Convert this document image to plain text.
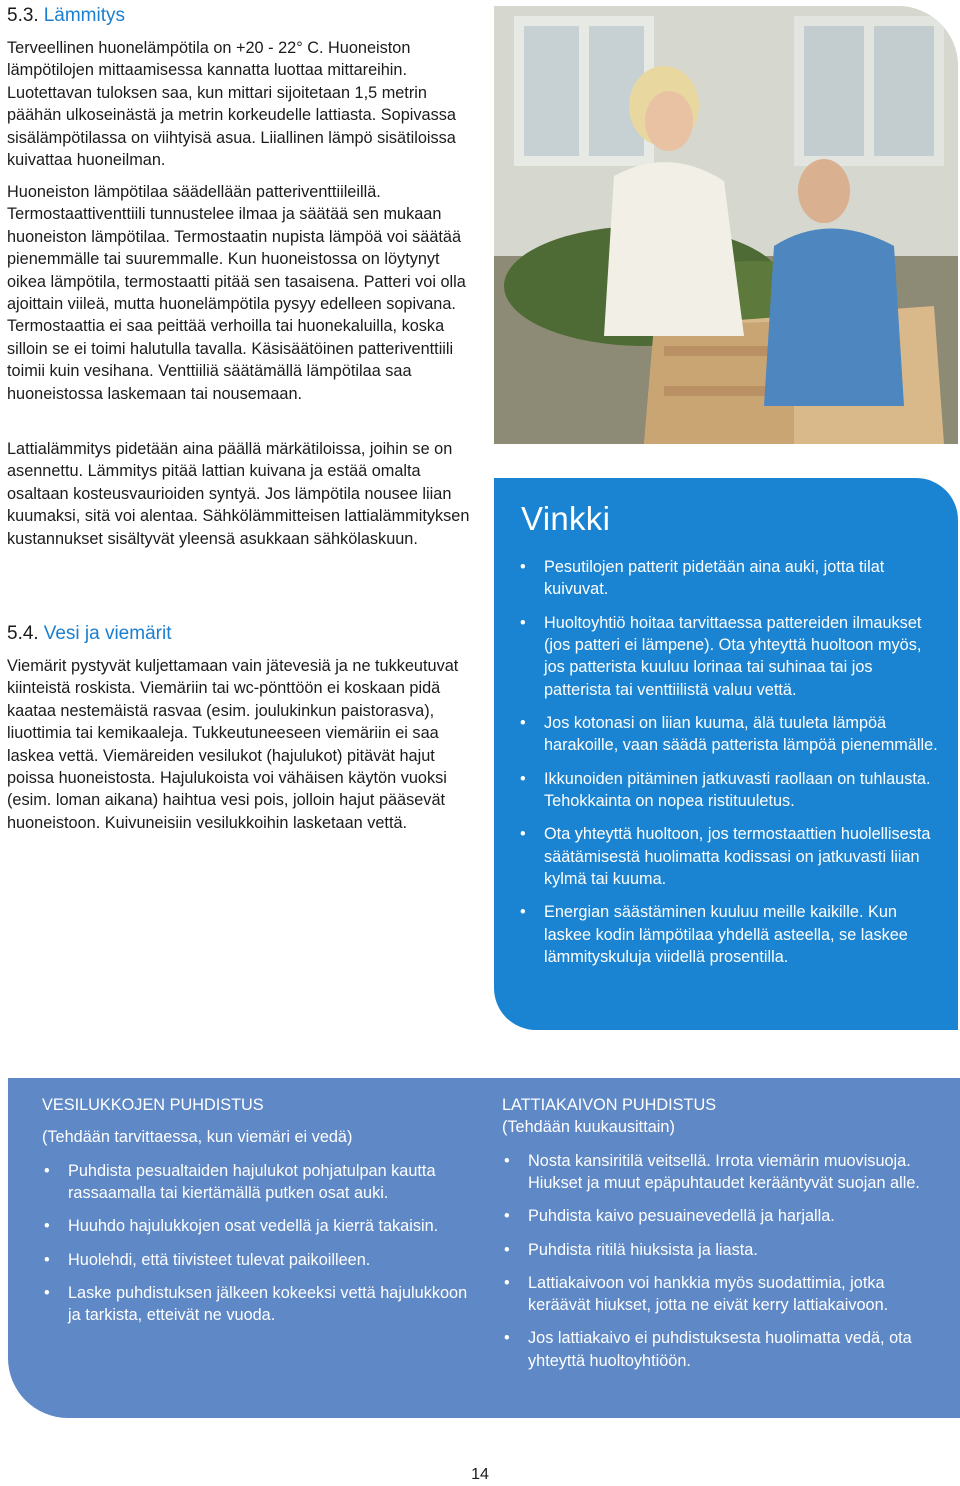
5.3. Lämmitys

Terveellinen huonelämpötila on +20 - 22° C. Huoneiston lämpötilojen mittaamisessa kannatta luottaa mittareihin. Luotettavan tuloksen saa, kun mittari sijoitetaan 1,5 metrin päähän ulkoseinästä ja metrin korkeudelle lattiasta. Sopivassa sisälämpötilassa on viihtyisä asua. Liiallinen lämpö sisätiloissa kuivattaa huoneilman.

Huoneiston lämpötilaa säädellään patteriventtiileillä. Termostaattiventtiili tunnustelee ilmaa ja säätää sen mukaan huoneiston lämpötilaa. Termostaatin nupista lämpöä voi säätää pienemmälle tai suuremmalle. Kun huoneistossa on löytynyt oikea lämpötila, termostaatti pitää sen tasaisena. Patteri voi olla ajoittain viileä, mutta huonelämpötila pysyy edelleen sopivana. Termostaattia ei saa peittää verhoilla tai huonekaluilla, koska silloin se ei toimi halutulla tavalla. Käsisäätöinen patteriventtiili toimii kuin vesihana. Venttiiliä säätämällä lämpötilaa saa huoneistossa laskemaan tai nousemaan.

Lattialämmitys pidetään aina päällä märkätiloissa, joihin se on asennettu. Lämmitys pitää lattian kuivana ja estää omalta osaltaan kosteusvaurioiden syntyä. Jos lämpötila nousee liian kuumaksi, sitä voi alentaa. Sähkölämmitteisen lattialämmityksen kustannukset sisältyvät yleensä asukkaan sähkölaskuun.

5.4. Vesi ja viemärit

Viemärit pystyvät kuljettamaan vain jätevesiä ja ne tukkeutuvat kiinteistä roskista. Viemäriin tai wc-pönttöön ei koskaan pidä kaataa nestemäistä rasvaa (esim. joulukinkun paistorasva), liuottimia tai kemikaaleja. Tukkeutuneeseen viemäriin ei saa laskea vettä. Viemäreiden vesilukot (hajulukot) pitävät hajut poissa huoneistosta. Hajulukoista voi vähäisen käytön vuoksi (esim. loman aikana) haihtua vesi pois, jolloin hajut pääsevät huoneistoon. Kuivuneisiin vesilukkoihin lasketaan vettä.

Vinkki
• Pesutilojen patterit pidetään aina auki, jotta tilat kuivuvat.
• Huoltoyhtiö hoitaa tarvittaessa pattereiden ilmaukset (jos patteri ei lämpene). Ota yhteyttä huoltoon myös, jos patterista kuuluu lorinaa tai suhinaa tai jos patterista tai venttiilistä valuu vettä.
• Jos kotonasi on liian kuuma, älä tuuleta lämpöä harakoille, vaan säädä patterista lämpöä pienemmälle.
• Ikkunoiden pitäminen jatkuvasti raollaan on tuhlausta. Tehokkainta on nopea ristituuletus.
• Ota yhteyttä huoltoon, jos termostaattien huolellisesta säätämisestä huolimatta kodissasi on jatkuvasti liian kylmä tai kuuma.
• Energian säästäminen kuuluu meille kaikille. Kun laskee kodin lämpötilaa yhdellä asteella, se laskee lämmityskuluja viidellä prosentilla.

VESILUKKOJEN PUHDISTUS

(Tehdään tarvittaessa, kun viemäri ei vedä)

• Puhdista pesualtaiden hajulukot pohjatulpan kautta rassaamalla tai kiertämällä putken osat auki.
• Huuhdo hajulukkojen osat vedellä ja kierrä takaisin.
• Huolehdi, että tiivisteet tulevat paikoilleen.
• Laske puhdistuksen jälkeen kokeeksi vettä hajulukkoon ja tarkista, etteivät ne vuoda.

LATTIAKAIVON PUHDISTUS

(Tehdään kuukausittain)

• Nosta kansiritilä veitsellä. Irrota viemärin muovisuoja. Hiukset ja muut epäpuhtaudet kerääntyvät suojan alle.
• Puhdista kaivo pesuainevedellä ja harjalla.
• Puhdista ritilä hiuksista ja liasta.
• Lattiakaivoon voi hankkia myös suodattimia, jotka keräävät hiukset, jotta ne eivät kerry lattiakaivoon.
• Jos lattiakaivo ei puhdistuksesta huolimatta vedä, ota yhteyttä huoltoyhtiöön.
14
